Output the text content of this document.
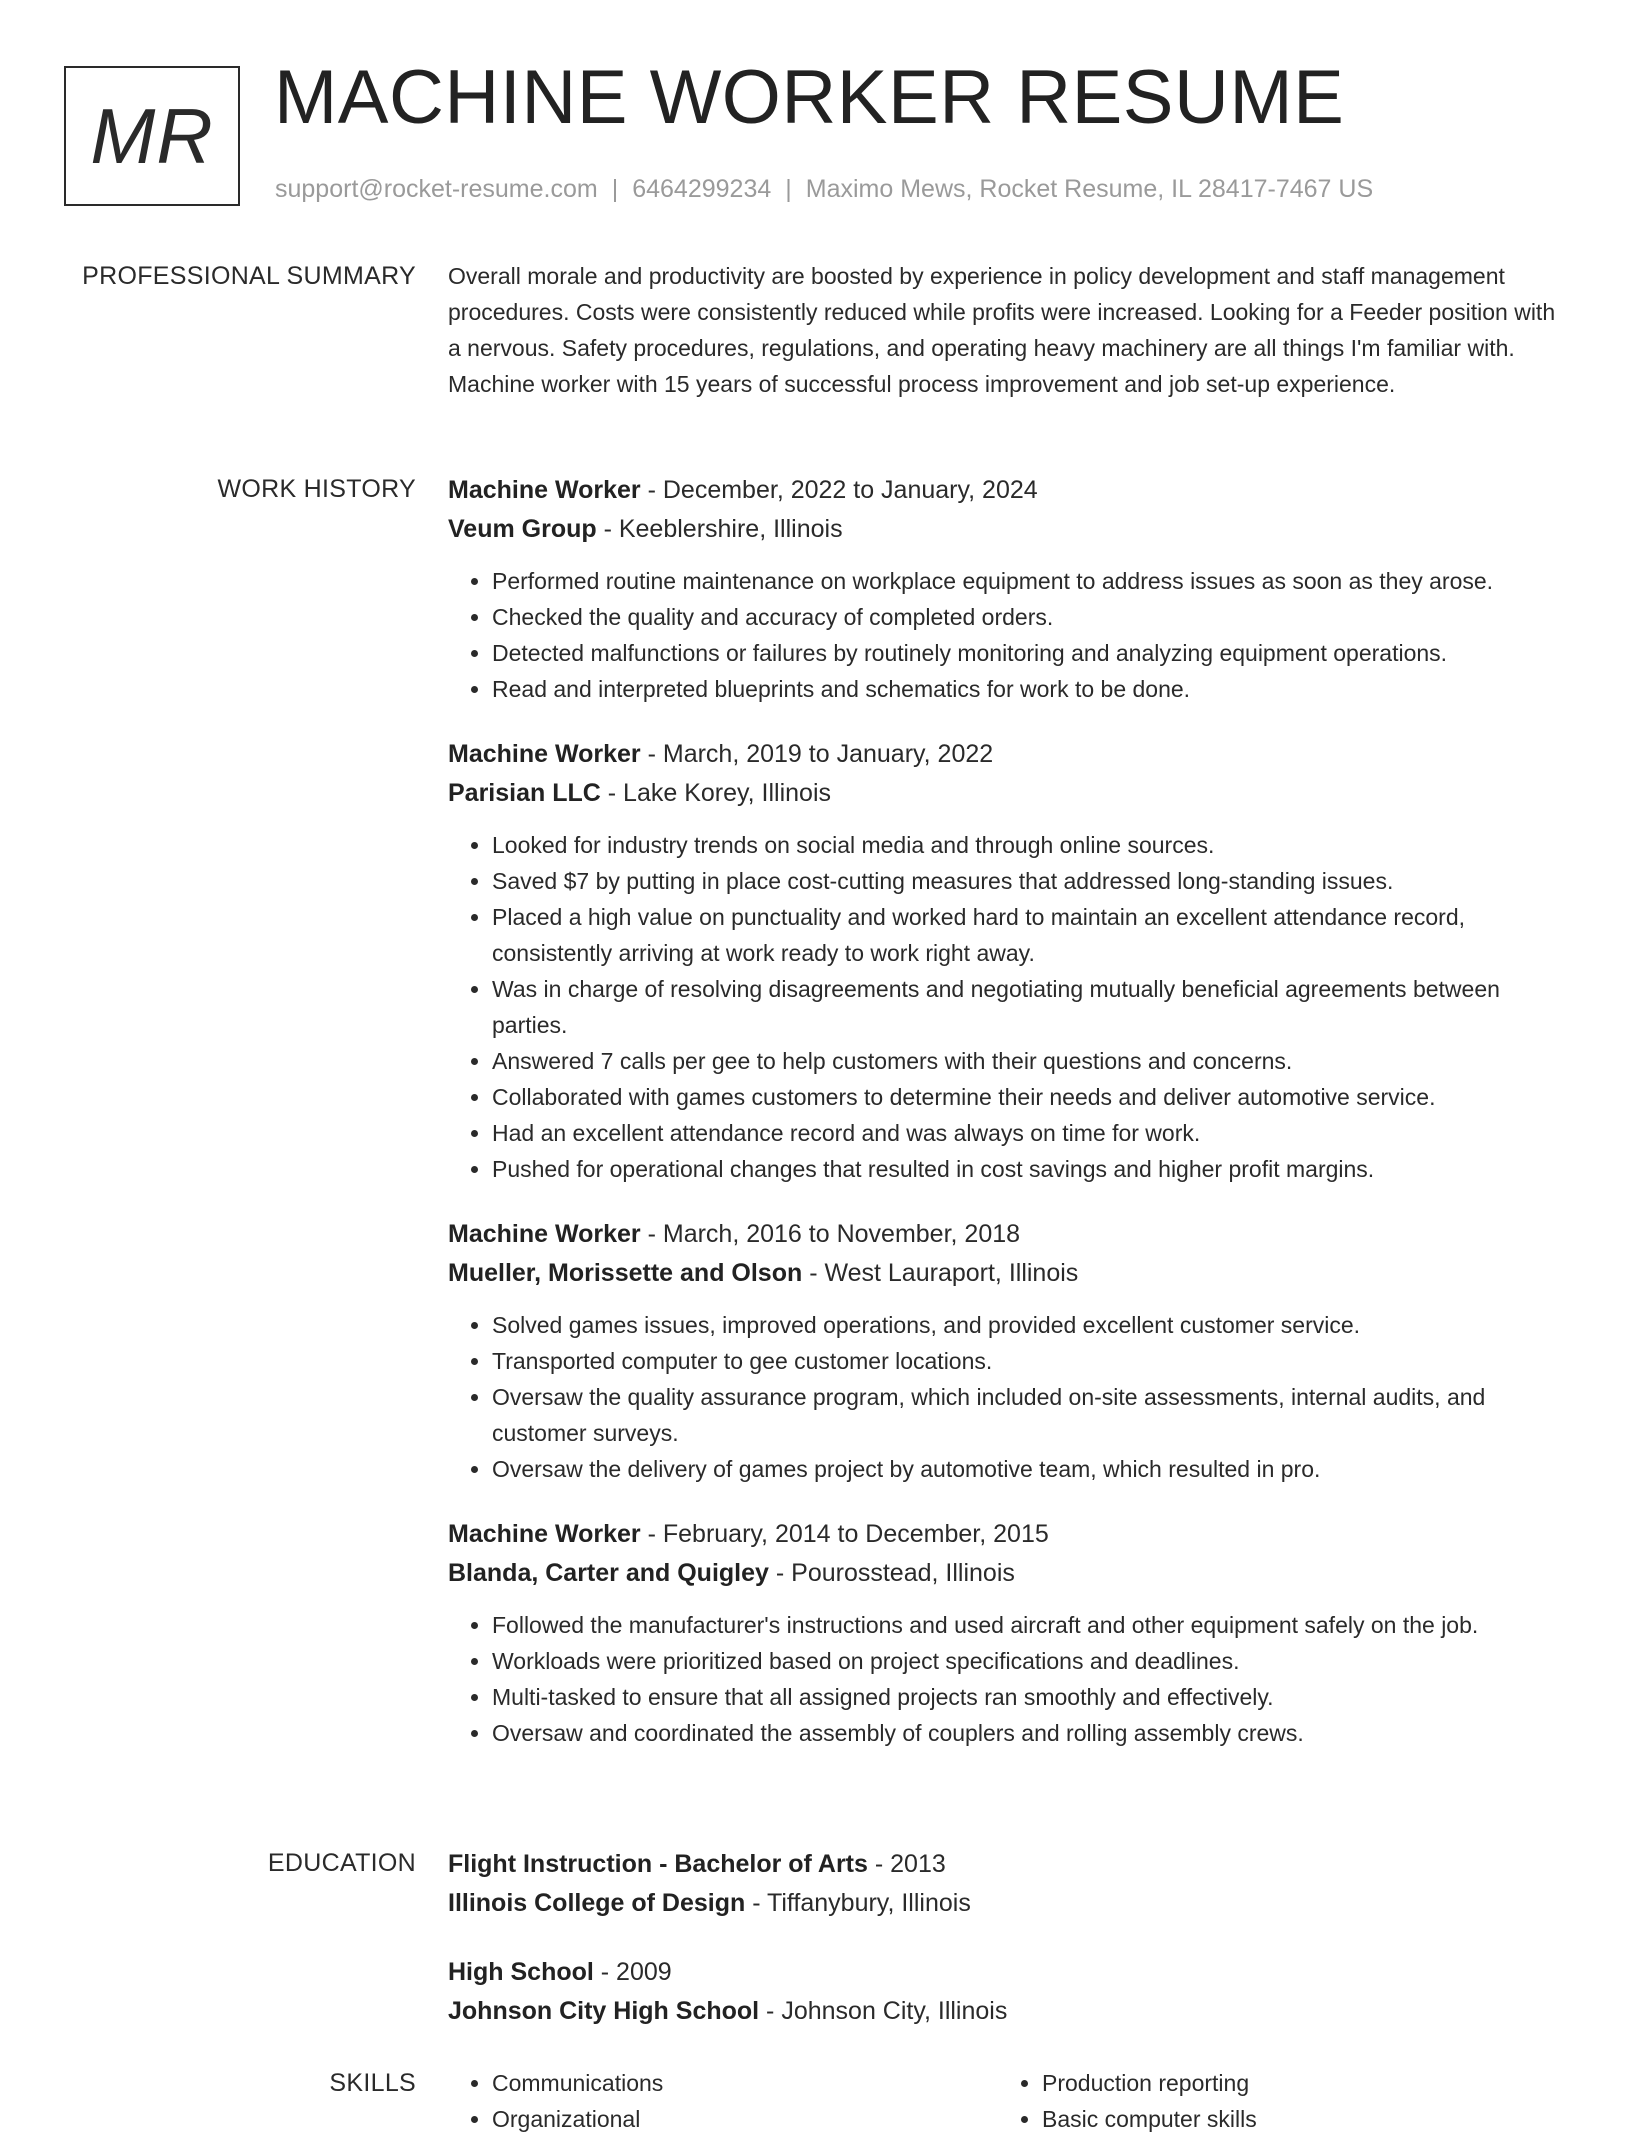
MR MACHINE WORKER RESUME
support@rocket-resume.com | 6464299234 | Maximo Mews, Rocket Resume, IL 28417-7467 US
PROFESSIONAL SUMMARY Overall morale and productivity are boosted by experience in policy development and staff management procedures. Costs were consistently reduced while profits were increased. Looking for a Feeder position with a nervous. Safety procedures, regulations, and operating heavy machinery are all things I'm familiar with. Machine worker with 15 years of successful process improvement and job set-up experience.

WORK HISTORY Machine Worker - December, 2022 to January, 2024
Veum Group - Keeblershire, Illinois
• Performed routine maintenance on workplace equipment to address issues as soon as they arose.
• Checked the quality and accuracy of completed orders.
• Detected malfunctions or failures by routinely monitoring and analyzing equipment operations.
• Read and interpreted blueprints and schematics for work to be done.
Machine Worker - March, 2019 to January, 2022
Parisian LLC - Lake Korey, Illinois
• Looked for industry trends on social media and through online sources.
• Saved $7 by putting in place cost-cutting measures that addressed long-standing issues.
• Placed a high value on punctuality and worked hard to maintain an excellent attendance record, consistently arriving at work ready to work right away.
• Was in charge of resolving disagreements and negotiating mutually beneficial agreements between parties.
• Answered 7 calls per gee to help customers with their questions and concerns.
• Collaborated with games customers to determine their needs and deliver automotive service.
• Had an excellent attendance record and was always on time for work.
• Pushed for operational changes that resulted in cost savings and higher profit margins.
Machine Worker - March, 2016 to November, 2018
Mueller, Morissette and Olson - West Lauraport, Illinois
• Solved games issues, improved operations, and provided excellent customer service.
• Transported computer to gee customer locations.
• Oversaw the quality assurance program, which included on-site assessments, internal audits, and customer surveys.
• Oversaw the delivery of games project by automotive team, which resulted in pro.
Machine Worker - February, 2014 to December, 2015
Blanda, Carter and Quigley - Pourosstead, Illinois
• Followed the manufacturer's instructions and used aircraft and other equipment safely on the job.
• Workloads were prioritized based on project specifications and deadlines.
• Multi-tasked to ensure that all assigned projects ran smoothly and effectively.
• Oversaw and coordinated the assembly of couplers and rolling assembly crews.
EDUCATION Flight Instruction - Bachelor of Arts - 2013
Illinois College of Design - Tiffanybury, Illinois
High School - 2009
Johnson City High School - Johnson City, Illinois
SKILLS
•	Communications
• Organizational
• Production reporting
• Basic computer skills
